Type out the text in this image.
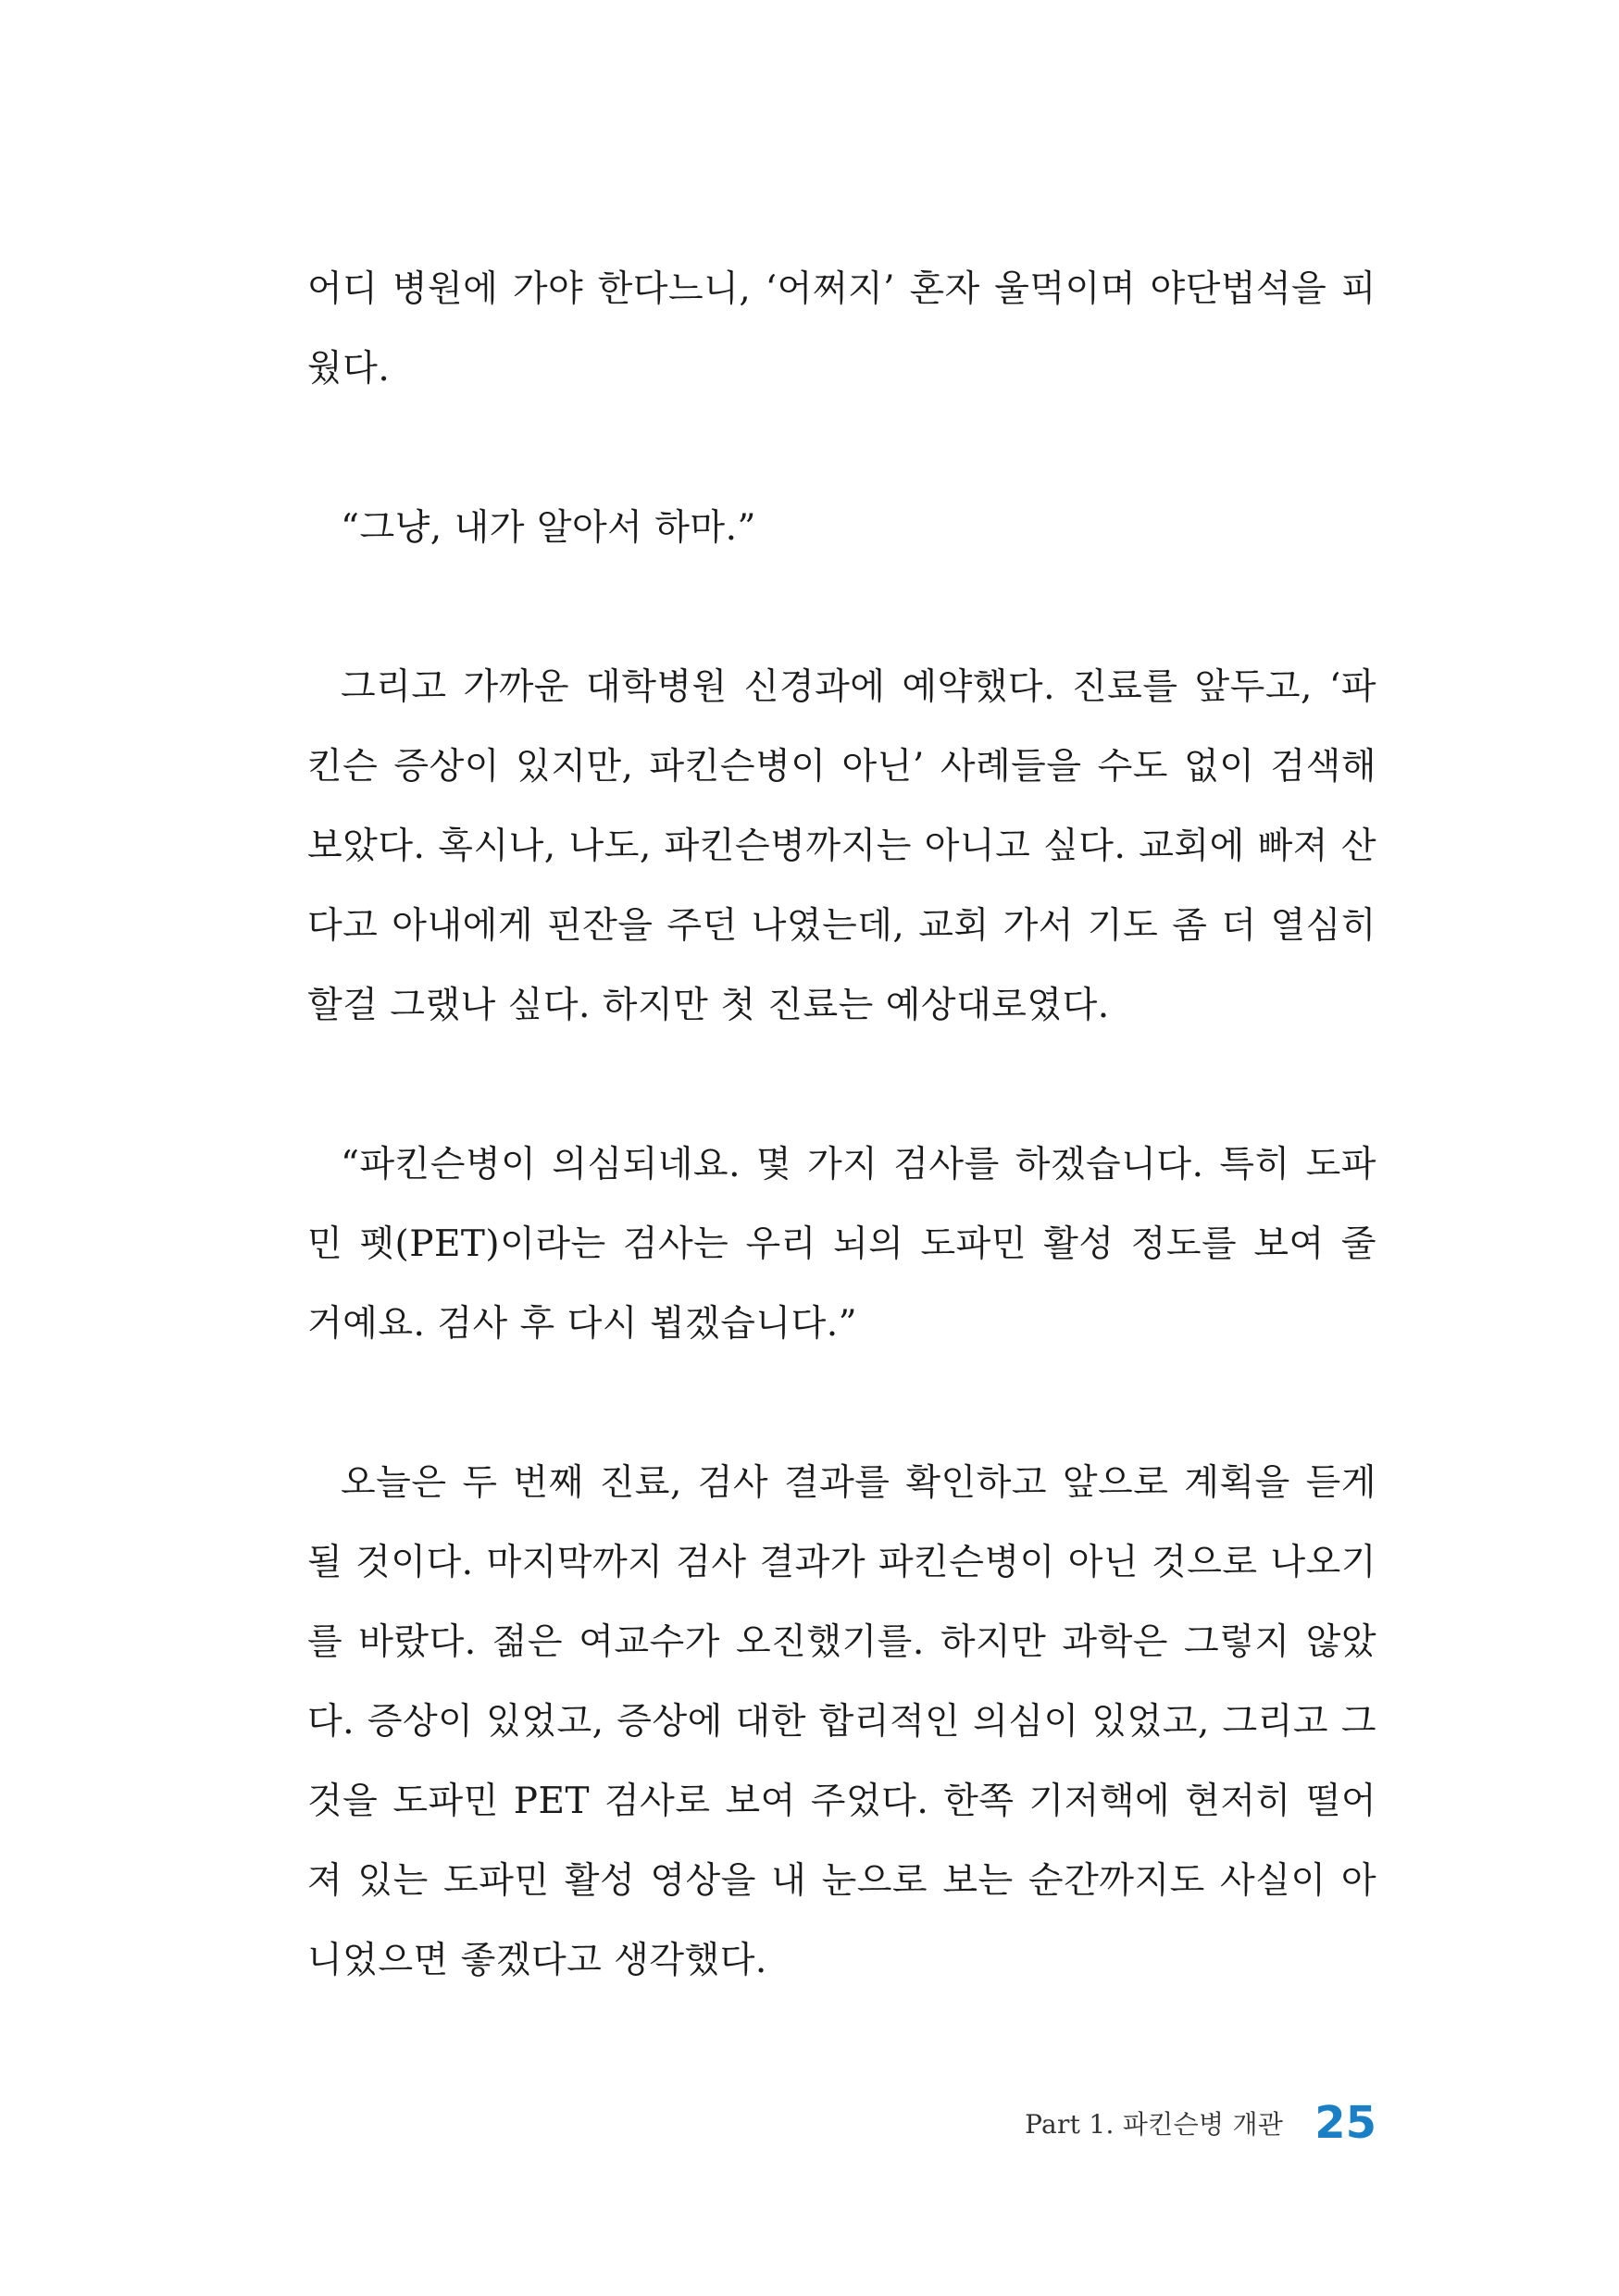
어디 병원에 가야 한다느니, ‘어쩌지’ 혼자 울먹이며 야단법석을 피웠다.

“그냥, 내가 알아서 하마.”

그리고 가까운 대학병원 신경과에 예약했다. 진료를 앞두고, ‘파킨슨 증상이 있지만, 파킨슨병이 아닌’ 사례들을 수도 없이 검색해 보았다. 혹시나, 나도, 파킨슨병까지는 아니고 싶다. 교회에 빠져 산다고 아내에게 핀잔을 주던 나였는데, 교회 가서 기도 좀 더 열심히 할걸 그랬나 싶다. 하지만 첫 진료는 예상대로였다.

“파킨슨병이 의심되네요. 몇 가지 검사를 하겠습니다. 특히 도파민 펫(PET)이라는 검사는 우리 뇌의 도파민 활성 정도를 보여 줄 거예요. 검사 후 다시 뵙겠습니다.”

오늘은 두 번째 진료, 검사 결과를 확인하고 앞으로 계획을 듣게 될 것이다. 마지막까지 검사 결과가 파킨슨병이 아닌 것으로 나오기를 바랐다. 젊은 여교수가 오진했기를. 하지만 과학은 그렇지 않았다. 증상이 있었고, 증상에 대한 합리적인 의심이 있었고, 그리고 그것을 도파민 PET 검사로 보여 주었다. 한쪽 기저핵에 현저히 떨어져 있는 도파민 활성 영상을 내 눈으로 보는 순간까지도 사실이 아니었으면 좋겠다고 생각했다.

Part 1. 파킨슨병 개관 25
